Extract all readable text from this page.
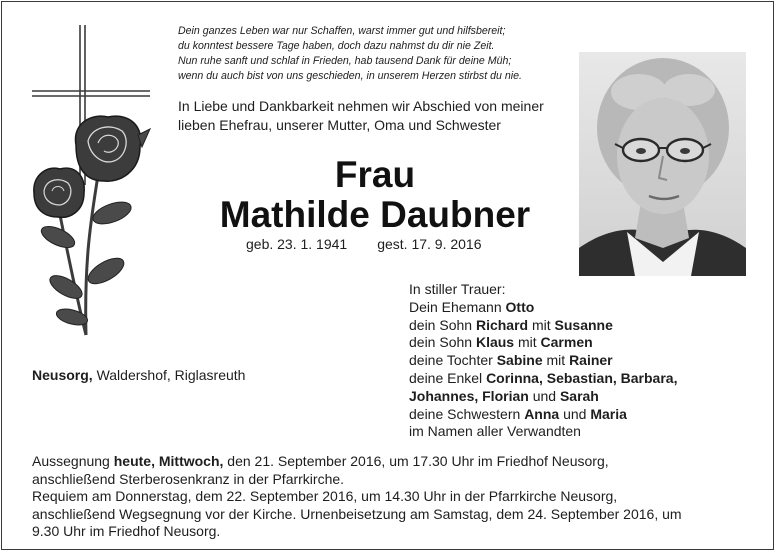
Dein ganzes Leben war nur Schaffen, warst immer gut und hilfsbereit;
du konntest bessere Tage haben, doch dazu nahmst du dir nie Zeit.
Nun ruhe sanft und schlaf in Frieden, hab tausend Dank für deine Müh;
wenn du auch bist von uns geschieden, in unserem Herzen stirbst du nie.
In Liebe und Dankbarkeit nehmen wir Abschied von meiner lieben Ehefrau, unserer Mutter, Oma und Schwester
Frau
Mathilde Daubner
geb. 23. 1. 1941 gest. 17. 9. 2016
Neusorg, Waldershof, Riglasreuth
In stiller Trauer:
Dein Ehemann Otto
dein Sohn Richard mit Susanne
dein Sohn Klaus mit Carmen
deine Tochter Sabine mit Rainer
deine Enkel Corinna, Sebastian, Barbara,
Johannes, Florian und Sarah
deine Schwestern Anna und Maria
im Namen aller Verwandten
Aussegnung heute, Mittwoch, den 21. September 2016, um 17.30 Uhr im Friedhof Neusorg,
anschließend Sterberosenkranz in der Pfarrkirche.
Requiem am Donnerstag, dem 22. September 2016, um 14.30 Uhr in der Pfarrkirche Neusorg,
anschließend Wegsegnung vor der Kirche. Urnenbeisetzung am Samstag, dem 24. September 2016, um
9.30 Uhr im Friedhof Neusorg.
